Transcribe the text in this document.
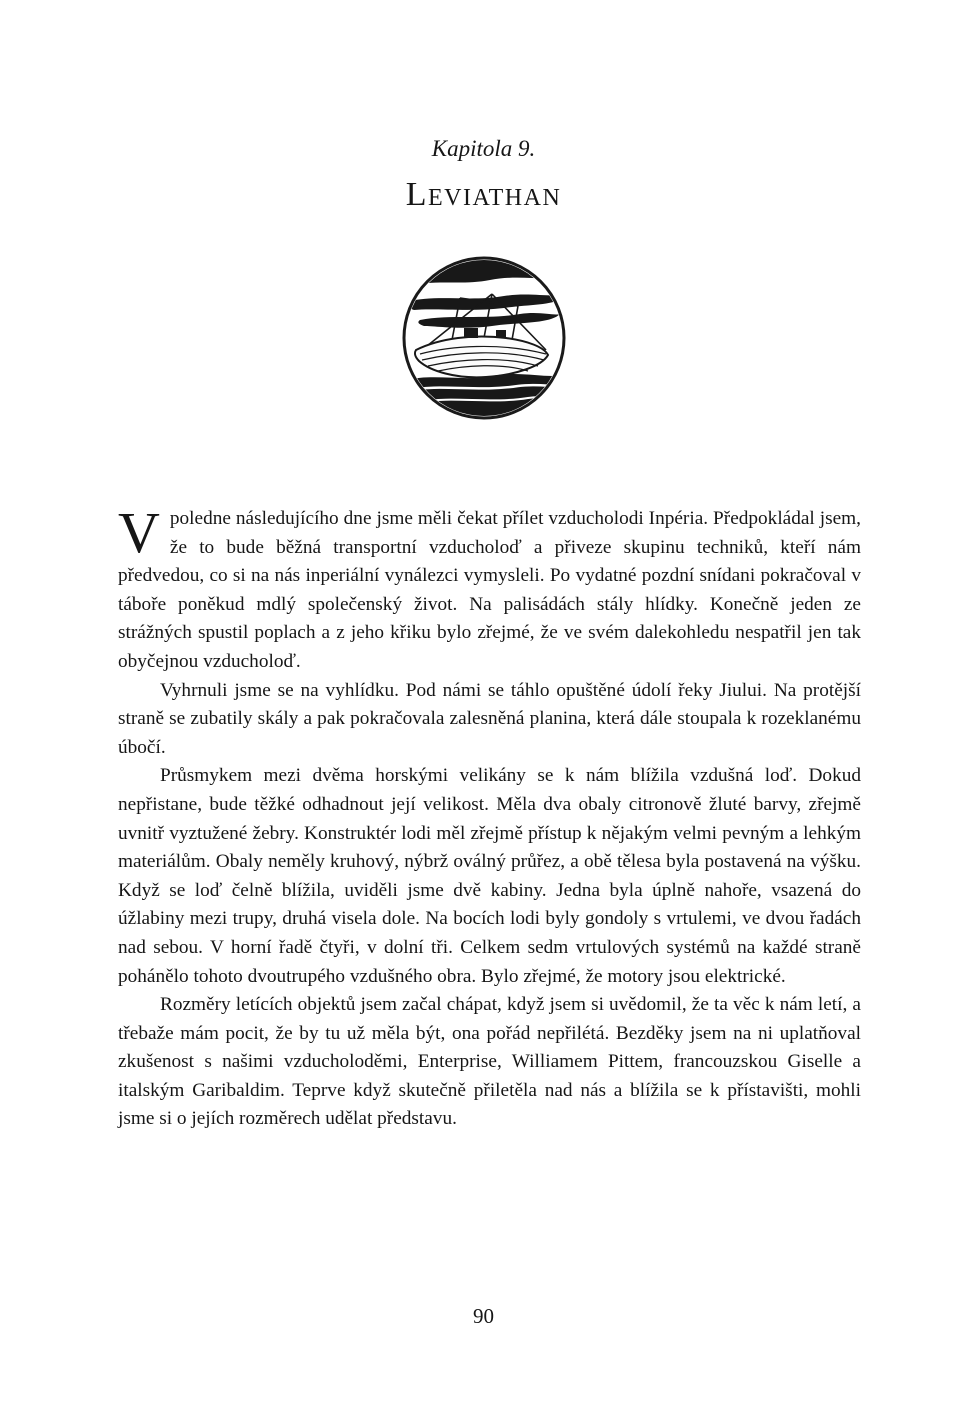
Kapitola 9.
Leviathan

Vpoledne následujícího dne jsme měli čekat přílet vzducholodi Inpéria. Předpokládal jsem, že to bude běžná transportní vzducholoď a přiveze skupinu techniků, kteří nám předvedou, co si na nás inperiální vynálezci vymysleli. Po vydatné pozdní snídani pokračoval v táboře poněkud mdlý společenský život. Na palisádách stály hlídky. Konečně jeden ze strážných spustil poplach a z jeho křiku bylo zřejmé, že ve svém dalekohledu nespatřil jen tak obyčejnou vzducholoď.

Vyhrnuli jsme se na vyhlídku. Pod námi se táhlo opuštěné údolí řeky Jiului. Na protější straně se zubatily skály a pak pokračovala zalesněná planina, která dále stoupala k rozeklanému úbočí.

Průsmykem mezi dvěma horskými velikány se k nám blížila vzdušná loď. Dokud nepřistane, bude těžké odhadnout její velikost. Měla dva obaly citronově žluté barvy, zřejmě uvnitř vyztužené žebry. Konstruktér lodi měl zřejmě přístup k nějakým velmi pevným a lehkým materiálům. Obaly neměly kruhový, nýbrž oválný průřez, a obě tělesa byla postavená na výšku. Když se loď čelně blížila, uviděli jsme dvě kabiny. Jedna byla úplně nahoře, vsazená do úžlabiny mezi trupy, druhá visela dole. Na bocích lodi byly gondoly s vrtulemi, ve dvou řadách nad sebou. V horní řadě čtyři, v dolní tři. Celkem sedm vrtulových systémů na každé straně pohánělo tohoto dvoutrupého vzdušného obra. Bylo zřejmé, že motory jsou elektrické.

Rozměry letících objektů jsem začal chápat, když jsem si uvědomil, že ta věc k nám letí, a třebaže mám pocit, že by tu už měla být, ona pořád nepřilétá. Bezděky jsem na ni uplatňoval zkušenost s našimi vzducholoděmi, Enterprise, Williamem Pittem, francouzskou Giselle a italským Garibaldim. Teprve když skutečně přiletěla nad nás a blížila se k přístavišti, mohli jsme si o jejích rozměrech udělat představu.

90
